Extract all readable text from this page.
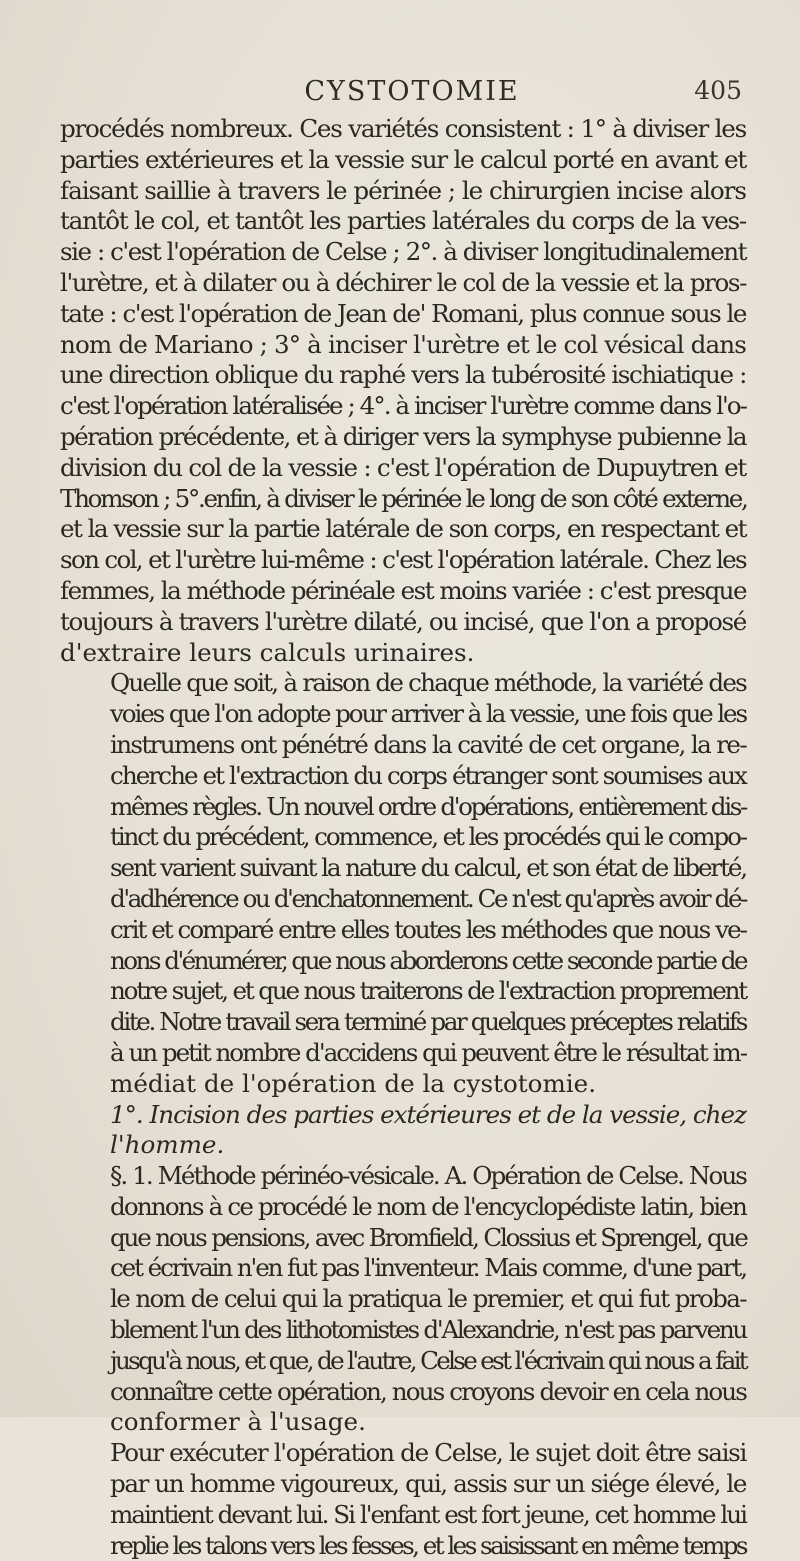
CYSTOTOMIE	405

procédés nombreux. Ces variétés consistent : 1° à diviser les
parties extérieures et la vessie sur le calcul porté en avant et
faisant saillie à travers le périnée ; le chirurgien incise alors
tantôt le col, et tantôt les parties latérales du corps de la ves-
sie : c'est l'opération de Celse ; 2°. à diviser longitudinalement
l'urètre, et à dilater ou à déchirer le col de la vessie et la pros-
tate : c'est l'opération de Jean de' Romani, plus connue sous le
nom de Mariano ; 3° à inciser l'urètre et le col vésical dans
une direction oblique du raphé vers la tubérosité ischiatique :
c'est l'opération latéralisée ; 4°. à inciser l'urètre comme dans l'o-
pération précédente, et à diriger vers la symphyse pubienne la
division du col de la vessie : c'est l'opération de Dupuytren et
Thomson ; 5°.enfin, à diviser le périnée le long de son côté externe,
et la vessie sur la partie latérale de son corps, en respectant et
son col, et l'urètre lui-même : c'est l'opération latérale. Chez les
femmes, la méthode périnéale est moins variée : c'est presque
toujours à travers l'urètre dilaté, ou incisé, que l'on a proposé
d'extraire leurs calculs urinaires.

Quelle que soit, à raison de chaque méthode, la variété des
voies que l'on adopte pour arriver à la vessie, une fois que les
instrumens ont pénétré dans la cavité de cet organe, la re-
cherche et l'extraction du corps étranger sont soumises aux
mêmes règles. Un nouvel ordre d'opérations, entièrement dis-
tinct du précédent, commence, et les procédés qui le compo-
sent varient suivant la nature du calcul, et son état de liberté,
d'adhérence ou d'enchatonnement. Ce n'est qu'après avoir dé-
crit et comparé entre elles toutes les méthodes que nous ve-
nons d'énumérer, que nous aborderons cette seconde partie de
notre sujet, et que nous traiterons de l'extraction proprement
dite. Notre travail sera terminé par quelques préceptes relatifs
à un petit nombre d'accidens qui peuvent être le résultat im-
médiat de l'opération de la cystotomie.

1°. Incision des parties extérieures et de la vessie, chez
l'homme.

§. 1. Méthode périnéo-vésicale. A. Opération de Celse. Nous
donnons à ce procédé le nom de l'encyclopédiste latin, bien
que nous pensions, avec Bromfield, Clossius et Sprengel, que
cet écrivain n'en fut pas l'inventeur. Mais comme, d'une part,
le nom de celui qui la pratiqua le premier, et qui fut proba-
blement l'un des lithotomistes d'Alexandrie, n'est pas parvenu
jusqu'à nous, et que, de l'autre, Celse est l'écrivain qui nous a fait
connaître cette opération, nous croyons devoir en cela nous
conformer à l'usage.

Pour exécuter l'opération de Celse, le sujet doit être saisi
par un homme vigoureux, qui, assis sur un siége élevé, le
maintient devant lui. Si l'enfant est fort jeune, cet homme lui
replie les talons vers les fesses, et les saisissant en même temps
